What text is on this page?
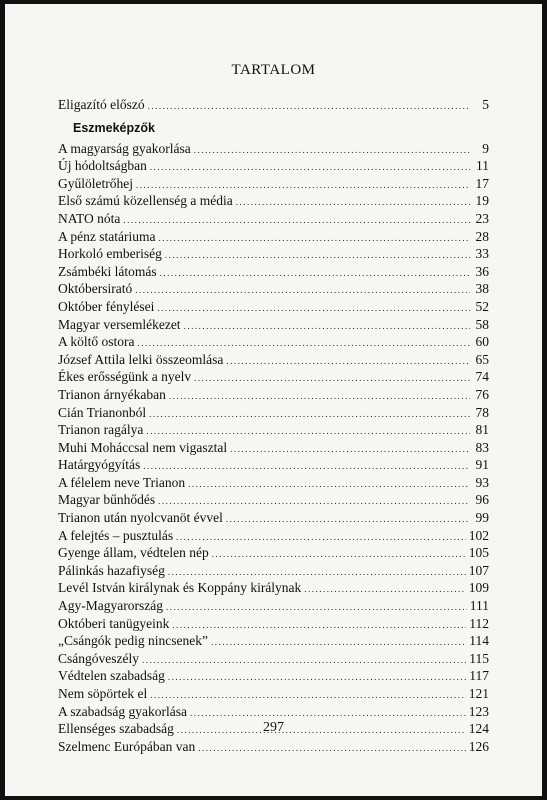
TARTALOM
Eligazító előszó .....	5
Eszmeképzők
A magyarság gyakorlása .....	9
Új hódoltságban .....	11
Gyűlöletrőhej .....	17
Első számú közellenség a média .....	19
NATO nóta .....	23
A pénz statáriuma .....	28
Horkoló emberiség .....	33
Zsámbéki látomás .....	36
Októbersirató .....	38
Október fénylései .....	52
Magyar versemlékezet .....	58
A költő ostora .....	60
József Attila lelki összeomlása .....	65
Ékes erősségünk a nyelv .....	74
Trianon árnyékaban .....	76
Cián Trianonból .....	78
Trianon ragálya .....	81
Muhi Moháccsal nem vigasztal .....	83
Határgyógyítás .....	91
A félelem neve Trianon .....	93
Magyar bűnhődés .....	96
Trianon után nyolcvanöt évvel .....	99
A felejtés – pusztulás .....	102
Gyenge állam, védtelen nép .....	105
Pálinkás hazafiység .....	107
Levél István királynak és Koppány királynak .....	109
Agy-Magyarország .....	111
Októberi tanügyeink .....	112
„Csángók pedig nincsenek” .....	114
Csángóveszély .....	115
Védtelen szabadság .....	117
Nem söpörtek el .....	121
A szabadság gyakorlása .....	123
Ellenséges szabadság .....	124
Szelmenc Európában van .....	126
297
